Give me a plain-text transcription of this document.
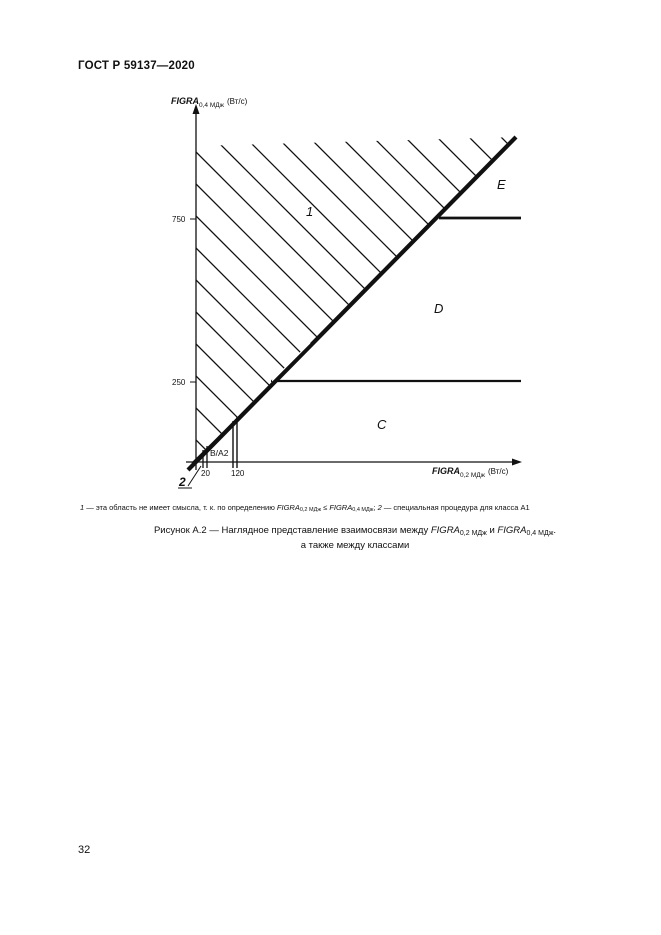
ГОСТ Р 59137—2020
$FIGRA_{0,4 МДж}$ (Вт/с)
$FIGRA_{0,2 МДж}$ (Вт/с)
750
250
20	120
1
E
D
C
B/A2
2
1 — эта область не имеет смысла, т. к. по определению $FIGRA_{0,2 МДж}$ ≤ $FIGRA_{0,4 МДж}$; 2 — специальная процедура для класса А1
Рисунок А.2 — Наглядное представление взаимосвязи между $FIGRA_{0,2 МДж}$ и $FIGRA_{0,4 МДж}$.
а также между классами
32
